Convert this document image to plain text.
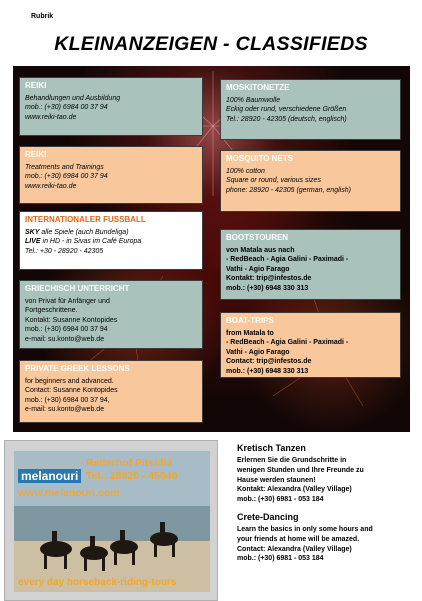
Rubrik
KLEINANZEIGEN - CLASSIFIEDS
REIKI
Behandlungen und Ausbildung
mob.: (+30) 6984 00 37 94
www.reiki-tao.de
REIKI
Treatments and Trainings
mob.: (+30) 6984 00 37 94
www.reiki-tao.de
INTERNATIONALER FUSSBALL
SKY alle Spiele (auch Bundeliga)
LIVE in HD - in Sivas im Café Europa
Tel.: +30 - 28920 - 42305
GRIECHISCH UNTERRICHT
von Privat für Anfänger und
Fortgeschrittene.
Kontakt: Susanne Kontopides
mob.: (+30) 6984 00 37 94
e-mail: su.konto@web.de
PRIVATE GREEK LESSONS
for beginners and advanced.
Contact: Susanne Kontopides
mob.: (+30) 6984 00 37 94,
e-mail: su.konto@web.de
MOSKITONETZE
100% Baumwolle
Eckig oder rund, verschiedene Größen
Tel.: 28920 - 42305 (deutsch, englisch)
MOSQUITO NETS
100% cotton
Square or round, various sizes
phone: 28920 - 42305 (german, english)
BOOTSTOUREN
von Matala aus nach
- RedBeach - Agia Galini - Paximadi -
Vathi - Agio Farago
Kontakt: trip@infestos.de
mob.: (+30) 6948 330 313
BOAT-TRIPS
from Matala to
- RedBeach - Agia Galini - Paximadi -
Vathi - Agio Farago
Contact: trip@infestos.de
mob.: (+30) 6948 330 313
melanouri
Reiterhof Pitsidia
Tel.: 28920 - 45040
www.melanouri.com
every day horseback-riding-tours
Kretisch Tanzen
Erlernen Sie die Grundschritte in
wenigen Stunden und Ihre Freunde zu
Hause werden staunen!
Kontakt: Alexandra (Valley Village)
mob.: (+30) 6981 - 053 184
Crete-Dancing
Learn the basics in only some hours and
your friends at home will be amazed.
Contact: Alexandra (Valley Village)
mob.: (+30) 6981 - 053 184
